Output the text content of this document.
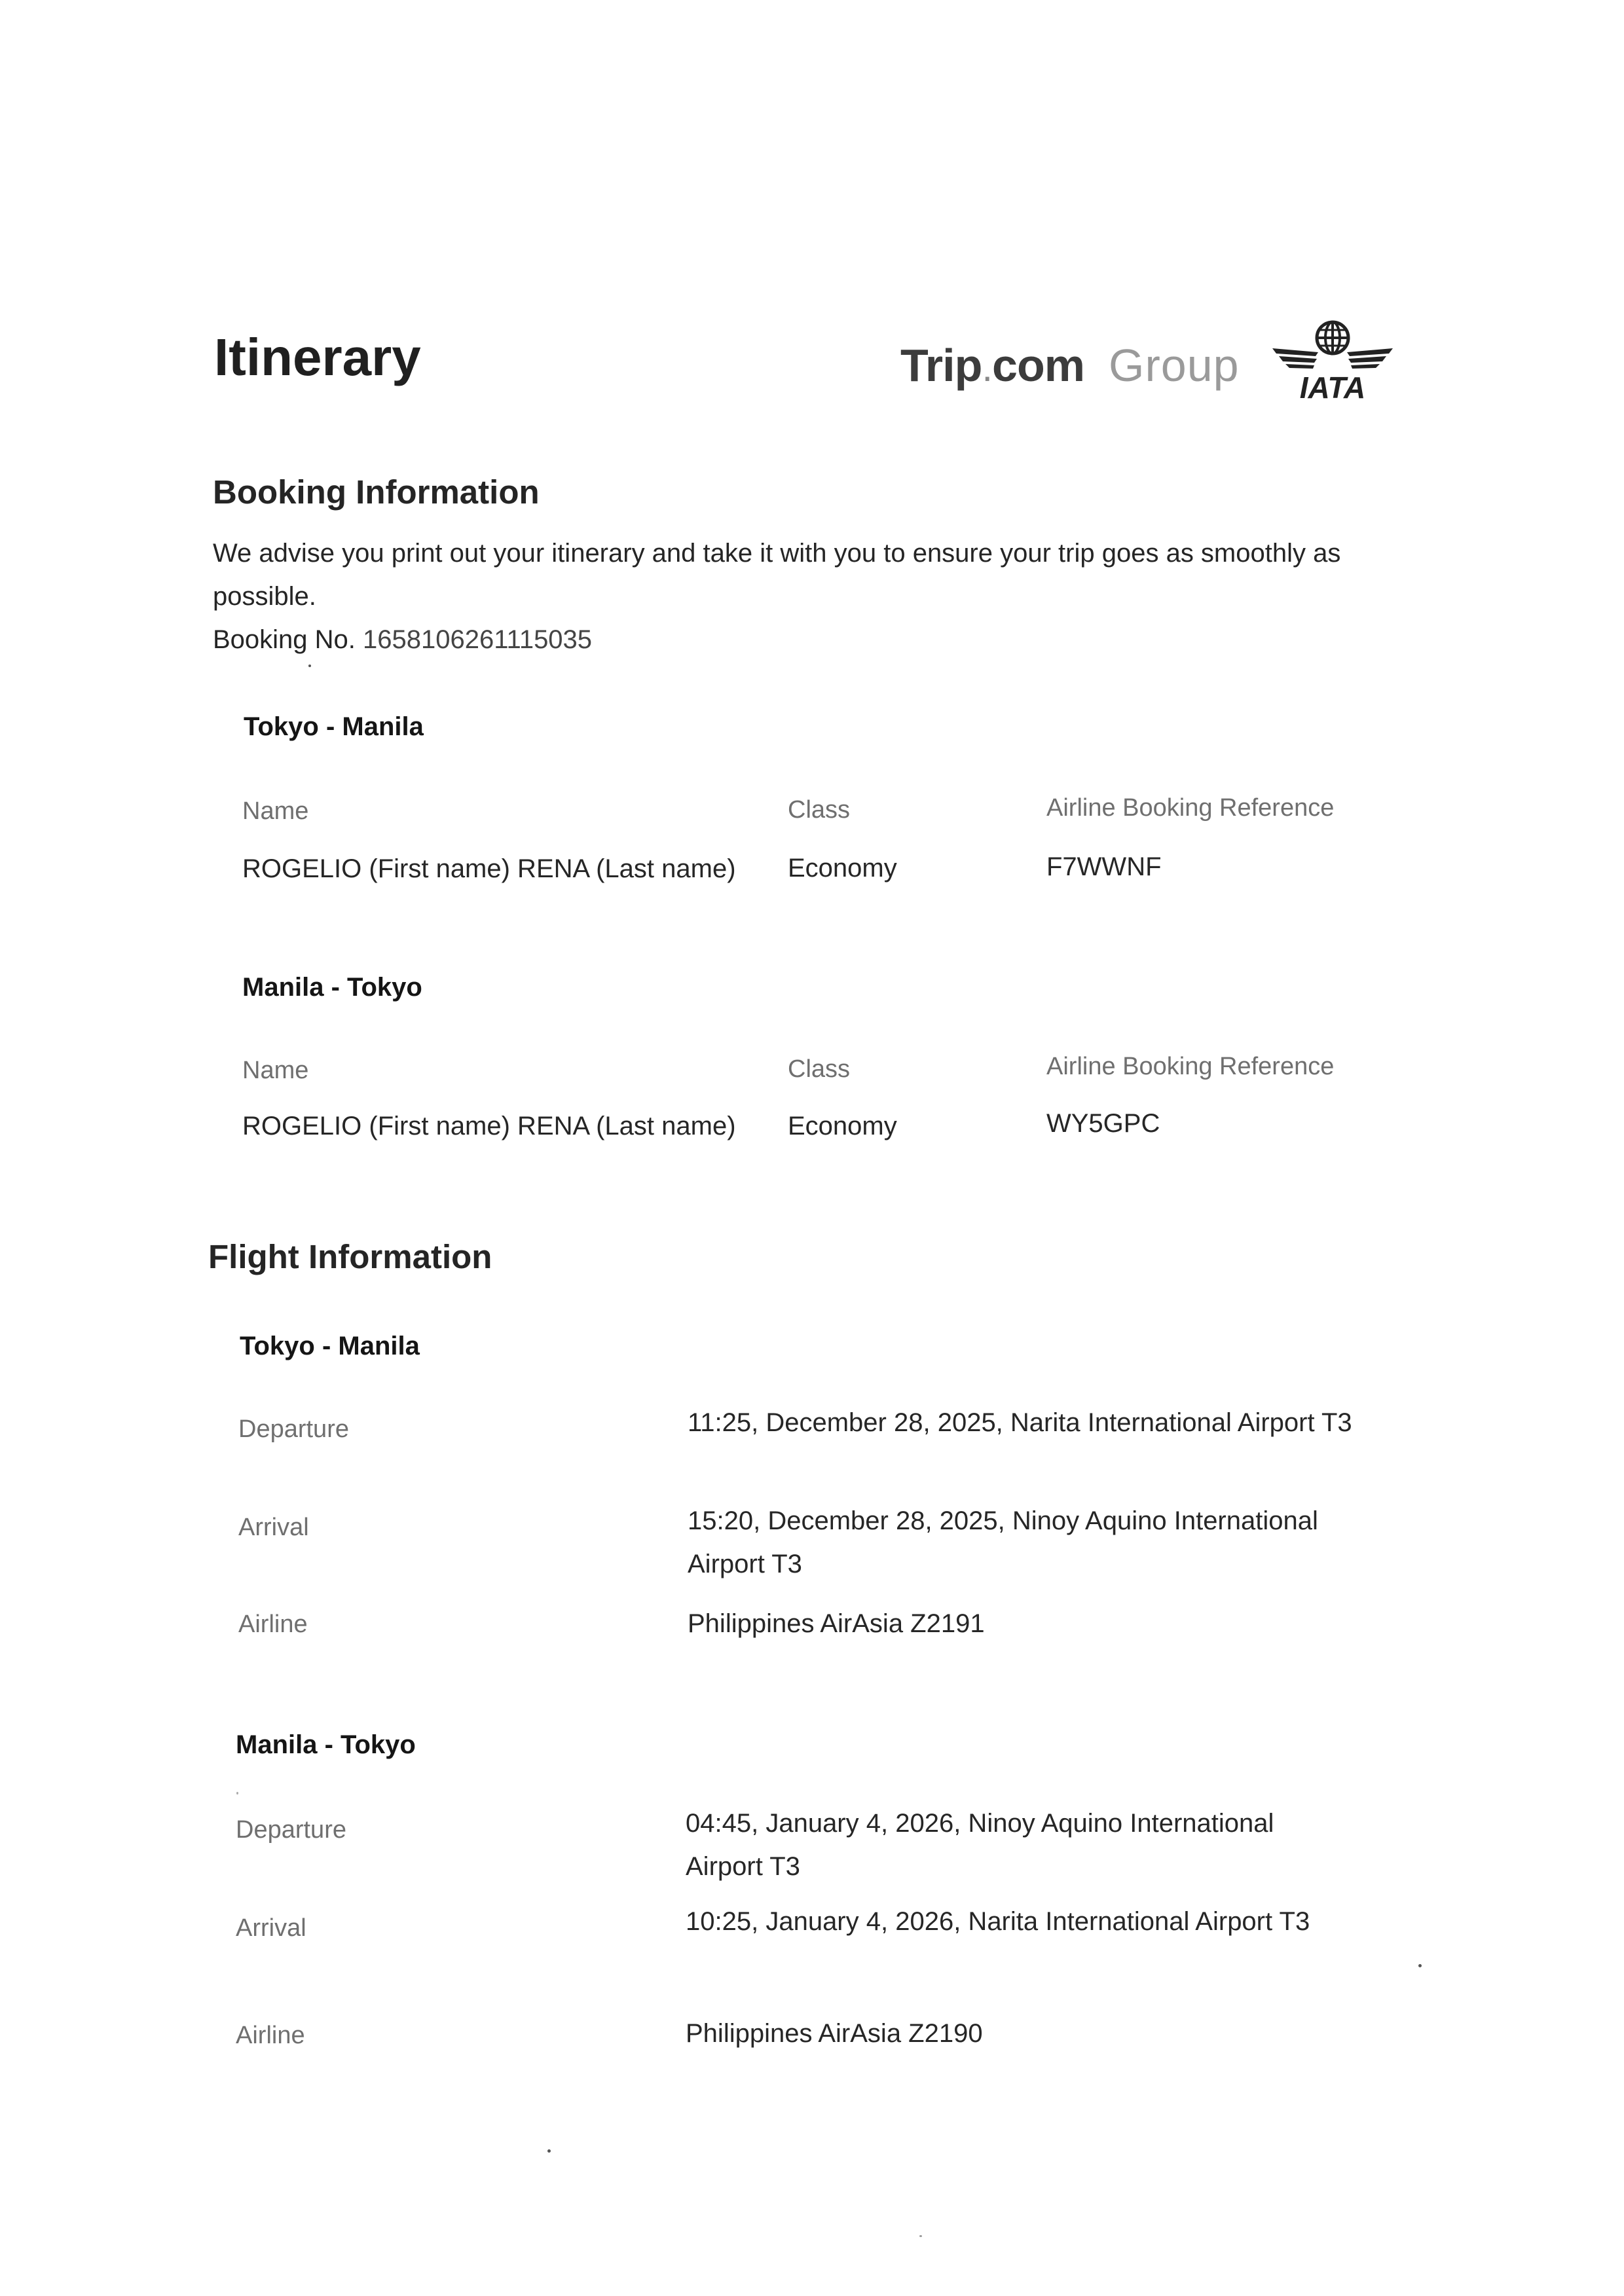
Itinerary	Trip.com Group IATA
Booking Information
We advise you print out your itinerary and take it with you to ensure your trip goes as smoothly as possible.
Booking No. 1658106261115035
Tokyo - Manila
Name	Class	Airline Booking Reference
ROGELIO (First name) RENA (Last name) Economy	F7WWNF
Manila - Tokyo
Name	Class	Airline Booking Reference
ROGELIO (First name) RENA (Last name) Economy	WY5GPC
Flight Information
Tokyo - Manila
Departure	11:25, December 28, 2025, Narita International Airport T3
Arrival	15:20, December 28, 2025, Ninoy Aquino International Airport T3
Airline	Philippines AirAsia Z2191
Manila - Tokyo
Departure	04:45, January 4, 2026, Ninoy Aquino International Airport T3
Arrival	10:25, January 4, 2026, Narita International Airport T3
Airline	Philippines AirAsia Z2190
